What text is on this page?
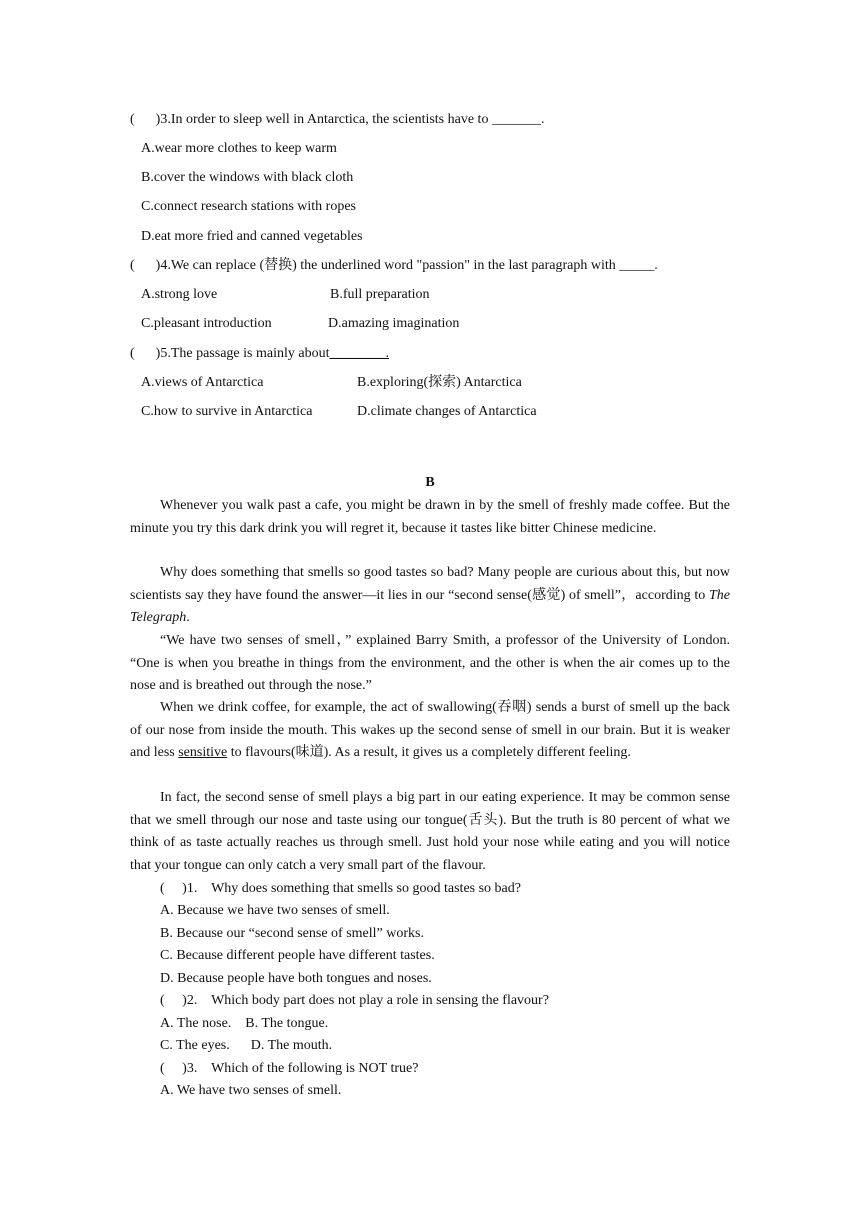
(      )3.In order to sleep well in Antarctica, the scientists have to _______.
A.wear more clothes to keep warm
B.cover the windows with black cloth
C.connect research stations with ropes
D.eat more fried and canned vegetables
(      )4.We can replace (替换) the underlined word "passion" in the last paragraph with _____.
A.strong love	B.full preparation
C.pleasant introduction	D.amazing imagination
(      )5.The passage is mainly about________.
A.views of Antarctica	B.exploring(探索) Antarctica
C.how to survive in Antarctica	D.climate changes of Antarctica
B
Whenever you walk past a cafe, you might be drawn in by the smell of freshly made coffee. But the minute you try this dark drink you will regret it, because it tastes like bitter Chinese medicine.
Why does something that smells so good tastes so bad? Many people are curious about this, but now scientists say they have found the answer—it lies in our “second sense(感觉) of smell”，according to The Telegraph.
“We have two senses of smell，” explained Barry Smith, a professor of the University of London. “One is when you breathe in things from the environment, and the other is when the air comes up to the nose and is breathed out through the nose.”
When we drink coffee, for example, the act of swallowing(吞咽) sends a burst of smell up the back of our nose from inside the mouth. This wakes up the second sense of smell in our brain. But it is weaker and less sensitive to flavours(味道). As a result, it gives us a completely different feeling.
In fact, the second sense of smell plays a big part in our eating experience. It may be common sense that we smell through our nose and taste using our tongue(舌头). But the truth is 80 percent of what we think of as taste actually reaches us through smell. Just hold your nose while eating and you will notice that your tongue can only catch a very small part of the flavour.
(     )1.    Why does something that smells so good tastes so bad?
A. Because we have two senses of smell.
B. Because our “second sense of smell” works.
C. Because different people have different tastes.
D. Because people have both tongues and noses.
(     )2.    Which body part does not play a role in sensing the flavour?
A. The nose.    B. The tongue.
C. The eyes.      D. The mouth.
(     )3.    Which of the following is NOT true?
A. We have two senses of smell.
